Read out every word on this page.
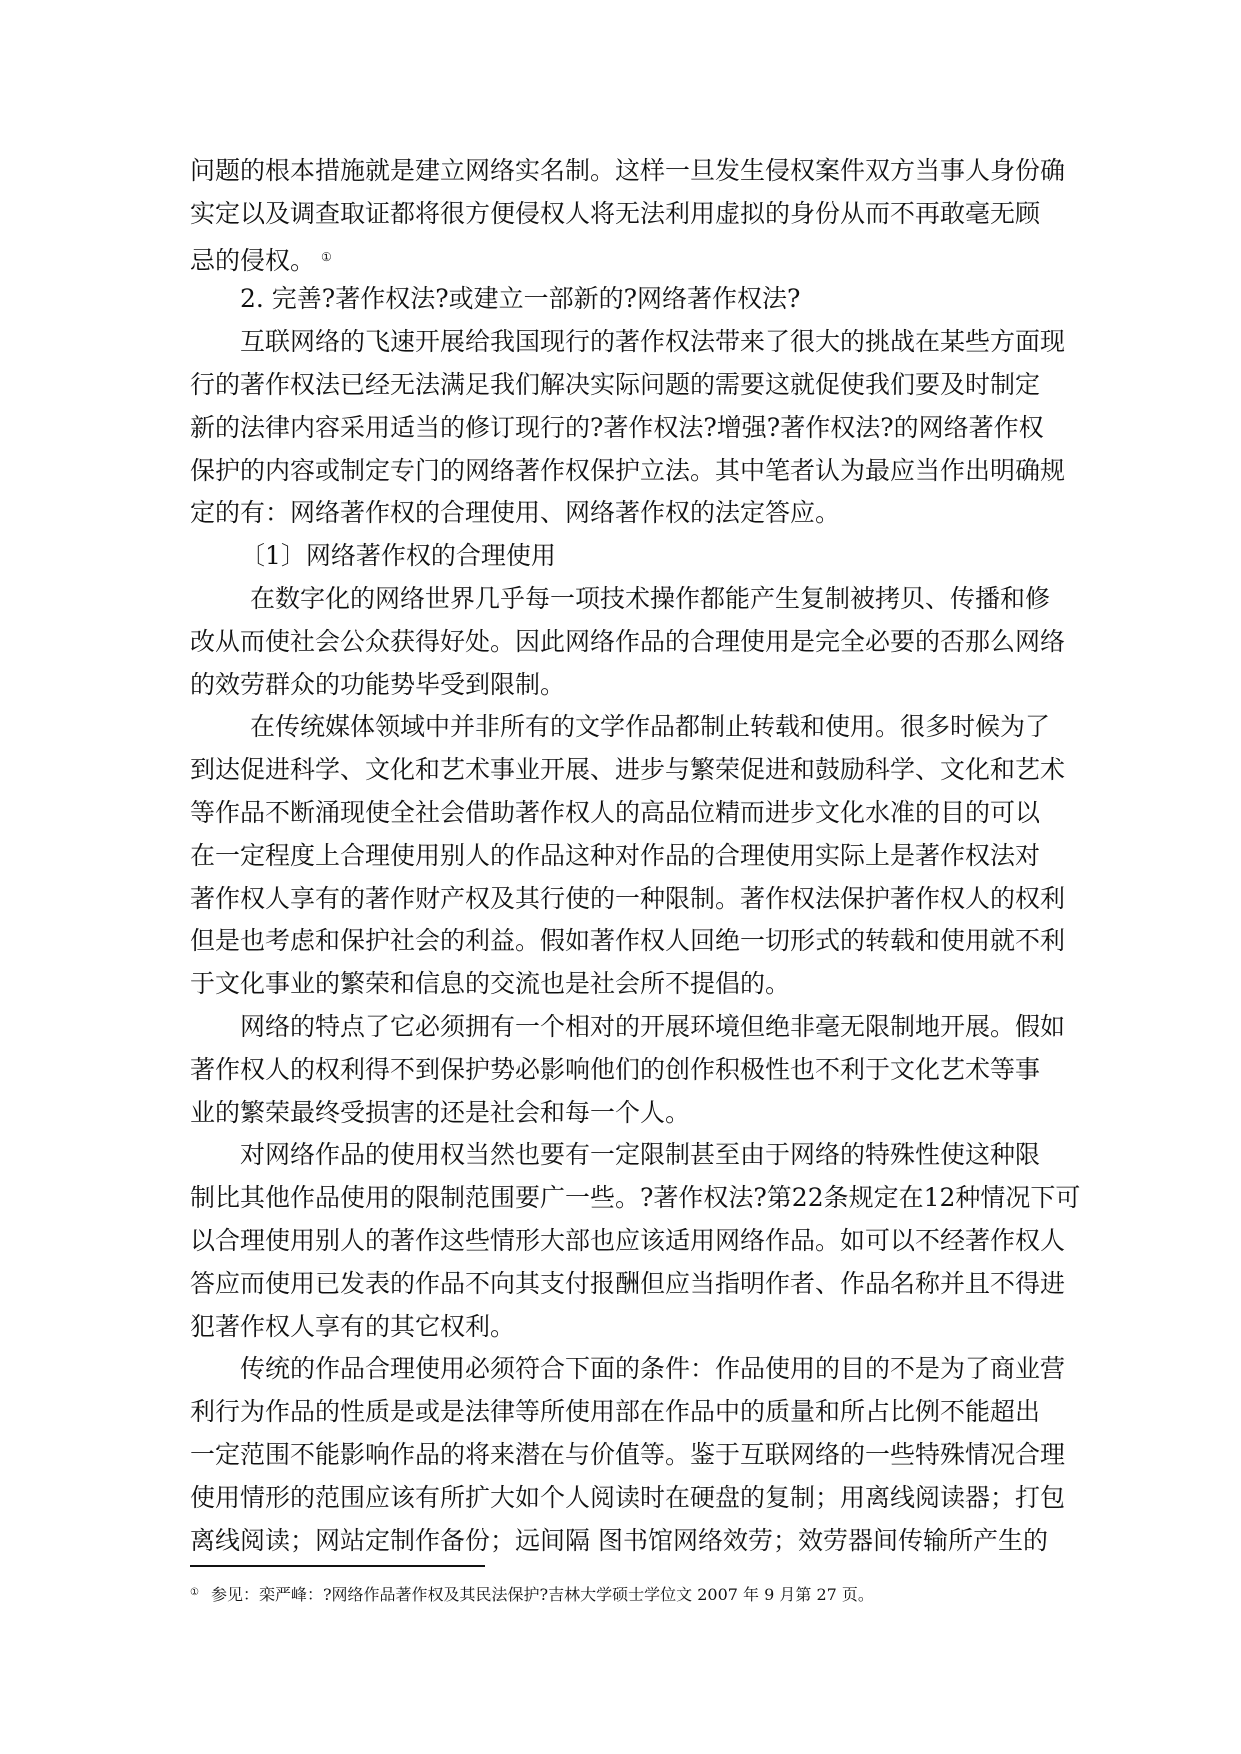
问题的根本措施就是建立网络实名制。这样一旦发生侵权案件双方当事人身份确
实定以及调查取证都将很方便侵权人将无法利用虚拟的身份从而不再敢毫无顾
忌的侵权。 ①
2. 完善?著作权法?或建立一部新的?网络著作权法?
互联网络的飞速开展给我国现行的著作权法带来了很大的挑战在某些方面现
行的著作权法已经无法满足我们解决实际问题的需要这就促使我们要及时制定
新的法律内容采用适当的修订现行的?著作权法?增强?著作权法?的网络著作权
保护的内容或制定专门的网络著作权保护立法。其中笔者认为最应当作出明确规
定的有：网络著作权的合理使用、网络著作权的法定答应。
〔1〕网络著作权的合理使用
在数字化的网络世界几乎每一项技术操作都能产生复制被拷贝、传播和修
改从而使社会公众获得好处。因此网络作品的合理使用是完全必要的否那么网络
的效劳群众的功能势毕受到限制。
在传统媒体领域中并非所有的文学作品都制止转载和使用。很多时候为了
到达促进科学、文化和艺术事业开展、进步与繁荣促进和鼓励科学、文化和艺术
等作品不断涌现使全社会借助著作权人的高品位精而进步文化水准的目的可以
在一定程度上合理使用别人的作品这种对作品的合理使用实际上是著作权法对
著作权人享有的著作财产权及其行使的一种限制。著作权法保护著作权人的权利
但是也考虑和保护社会的利益。假如著作权人回绝一切形式的转载和使用就不利
于文化事业的繁荣和信息的交流也是社会所不提倡的。
网络的特点了它必须拥有一个相对的开展环境但绝非毫无限制地开展。假如
著作权人的权利得不到保护势必影响他们的创作积极性也不利于文化艺术等事
业的繁荣最终受损害的还是社会和每一个人。
对网络作品的使用权当然也要有一定限制甚至由于网络的特殊性使这种限
制比其他作品使用的限制范围要广一些。?著作权法?第22条规定在12种情况下可
以合理使用别人的著作这些情形大部也应该适用网络作品。如可以不经著作权人
答应而使用已发表的作品不向其支付报酬但应当指明作者、作品名称并且不得进
犯著作权人享有的其它权利。
传统的作品合理使用必须符合下面的条件：作品使用的目的不是为了商业营
利行为作品的性质是或是法律等所使用部在作品中的质量和所占比例不能超出
一定范围不能影响作品的将来潜在与价值等。鉴于互联网络的一些特殊情况合理
使用情形的范围应该有所扩大如个人阅读时在硬盘的复制；用离线阅读器；打包
离线阅读；网站定制作备份；远间隔 图书馆网络效劳；效劳器间传输所产生的
① 参见：栾严峰：?网络作品著作权及其民法保护?吉林大学硕士学位文 2007 年 9 月第 27 页。
